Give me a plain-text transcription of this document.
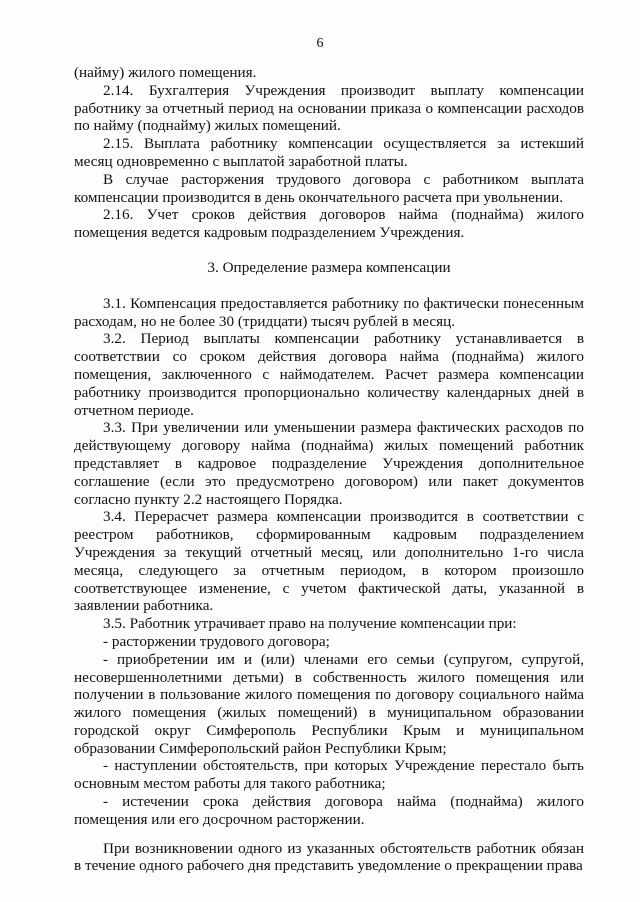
6

(найму) жилого помещения.

2.14. Бухгалтерия Учреждения производит выплату компенсации работнику за отчетный период на основании приказа о компенсации расходов по найму (поднайму) жилых помещений.

2.15. Выплата работнику компенсации осуществляется за истекший месяц одновременно с выплатой заработной платы.

В случае расторжения трудового договора с работником выплата компенсации производится в день окончательного расчета при увольнении.

2.16. Учет сроков действия договоров найма (поднайма) жилого помещения ведется кадровым подразделением Учреждения.

3. Определение размера компенсации

3.1. Компенсация предоставляется работнику по фактически понесенным расходам, но не более 30 (тридцати) тысяч рублей в месяц.

3.2. Период выплаты компенсации работнику устанавливается в соответствии со сроком действия договора найма (поднайма) жилого помещения, заключенного с наймодателем. Расчет размера компенсации работнику производится пропорционально количеству календарных дней в отчетном периоде.

3.3. При увеличении или уменьшении размера фактических расходов по действующему договору найма (поднайма) жилых помещений работник представляет в кадровое подразделение Учреждения дополнительное соглашение (если это предусмотрено договором) или пакет документов согласно пункту 2.2 настоящего Порядка.

3.4. Перерасчет размера компенсации производится в соответствии с реестром работников, сформированным кадровым подразделением Учреждения за текущий отчетный месяц, или дополнительно 1-го числа месяца, следующего за отчетным периодом, в котором произошло соответствующее изменение, с учетом фактической даты, указанной в заявлении работника.

3.5. Работник утрачивает право на получение компенсации при:

- расторжении трудового договора;

- приобретении им и (или) членами его семьи (супругом, супругой, несовершеннолетними детьми) в собственность жилого помещения или получении в пользование жилого помещения по договору социального найма жилого помещения (жилых помещений) в муниципальном образовании городской округ Симферополь Республики Крым и муниципальном образовании Симферопольский район Республики Крым;

- наступлении обстоятельств, при которых Учреждение перестало быть основным местом работы для такого работника;

- истечении срока действия договора найма (поднайма) жилого помещения или его досрочном расторжении.

При возникновении одного из указанных обстоятельств работник обязан в течение одного рабочего дня представить уведомление о прекращении права
